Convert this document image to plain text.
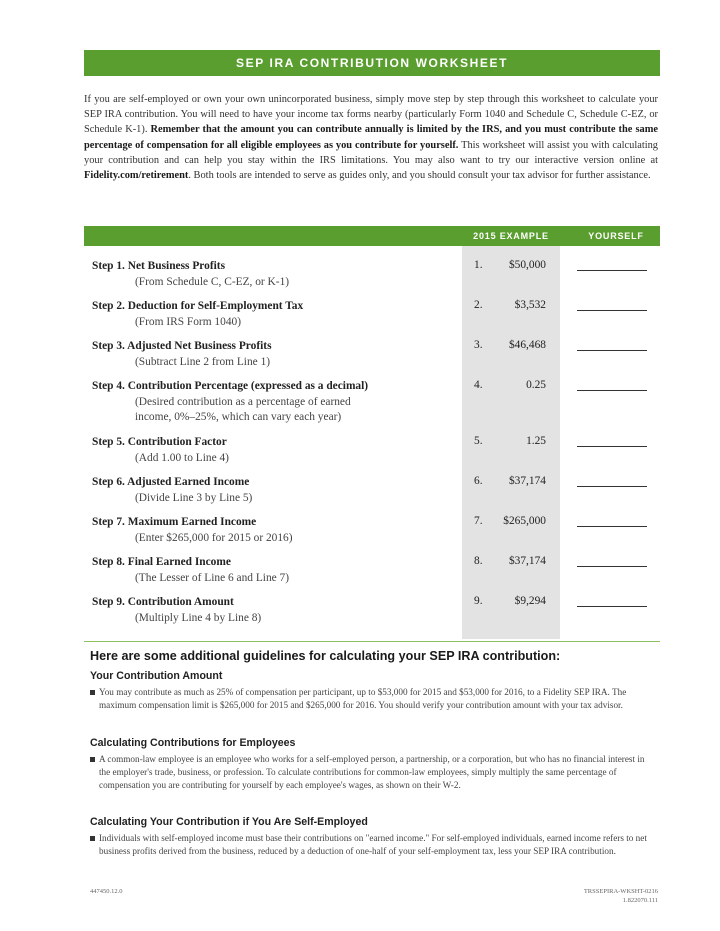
SEP IRA CONTRIBUTION WORKSHEET
If you are self-employed or own your own unincorporated business, simply move step by step through this worksheet to calculate your SEP IRA contribution. You will need to have your income tax forms nearby (particularly Form 1040 and Schedule C, Schedule C-EZ, or Schedule K-1). Remember that the amount you can contribute annually is limited by the IRS, and you must contribute the same percentage of compensation for all eligible employees as you contribute for yourself. This worksheet will assist you with calculating your contribution and can help you stay within the IRS limitations. You may also want to try our interactive version online at Fidelity.com/retirement. Both tools are intended to serve as guides only, and you should consult your tax advisor for further assistance.
2015 EXAMPLE	YOURSELF
Step 1. Net Business Profits
(From Schedule C, C-EZ, or K-1)
1. $50,000
Step 2. Deduction for Self-Employment Tax
(From IRS Form 1040)
2.	$3,532
Step 3. Adjusted Net Business Profits
(Subtract Line 2 from Line 1)
3. $46,468
Step 4. Contribution Percentage (expressed as a decimal)
(Desired contribution as a percentage of earned income, 0%–25%, which can vary each year)
4.	0.25
Step 5. Contribution Factor
(Add 1.00 to Line 4)
5.	1.25
Step 6. Adjusted Earned Income
(Divide Line 3 by Line 5)
6. $37,174
Step 7. Maximum Earned Income
(Enter $265,000 for 2015 or 2016)
7. $265,000
Step 8. Final Earned Income
(The Lesser of Line 6 and Line 7)
8. $37,174
Step 9. Contribution Amount
(Multiply Line 4 by Line 8)
9.	$9,294
Here are some additional guidelines for calculating your SEP IRA contribution:
Your Contribution Amount
You may contribute as much as 25% of compensation per participant, up to $53,000 for 2015 and $53,000 for 2016, to a Fidelity SEP IRA. The maximum compensation limit is $265,000 for 2015 and $265,000 for 2016. You should verify your contribution amount with your tax advisor.
Calculating Contributions for Employees
A common-law employee is an employee who works for a self-employed person, a partnership, or a corporation, but who has no financial interest in the employer's trade, business, or profession. To calculate contributions for common-law employees, simply multiply the same percentage of compensation you are contributing for yourself by each employee's wages, as shown on their W-2.
Calculating Your Contribution if You Are Self-Employed
Individuals with self-employed income must base their contributions on "earned income." For self-employed individuals, earned income refers to net business profits derived from the business, reduced by a deduction of one-half of your self-employment tax, less your SEP IRA contribution.
447450.12.0	TRSSEPIRA-WKSHT-0216
1.822070.111
